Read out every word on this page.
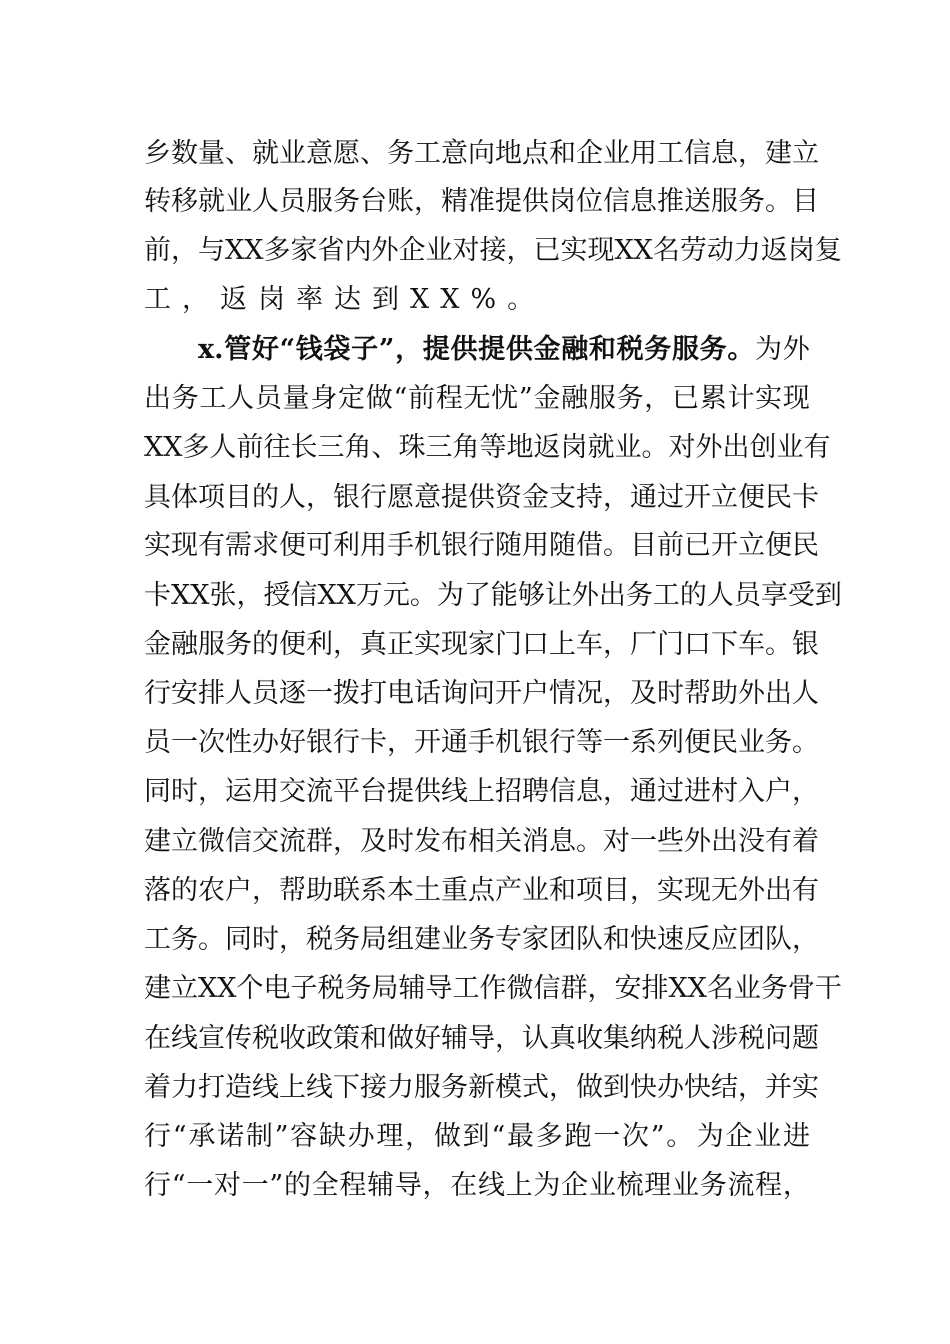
乡 数 量 、 就 业 意 愿 、 务 工 意 向 地 点 和 企 业 用 工 信 息 ， 建 立
转 移 就 业 人 员 服 务 台 账 ， 精 准 提 供 岗 位 信 息 推 送 服 务 。 目
前 ， 与 XX 多 家 省 内 外 企 业 对 接 ， 已 实 现 XX 名 劳 动 力 返 岗 复
工 ， 返 岗 率 达 到 XX% 。
x. 管 好 “ 钱 袋 子 ” ， 提 供 提 供 金 融 和 税 务 服 务 。 为 外
出 务 工 人 员 量 身 定 做 “ 前 程 无 忧 ” 金 融 服 务 ， 已 累 计 实 现
XX 多 人 前 往 长 三 角 、 珠 三 角 等 地 返 岗 就 业 。 对 外 出 创 业 有
具 体 项 目 的 人 ， 银 行 愿 意 提 供 资 金 支 持 ， 通 过 开 立 便 民 卡
实 现 有 需 求 便 可 利 用 手 机 银 行 随 用 随 借 。 目 前 已 开 立 便 民
卡 XX 张 ， 授 信 XX 万 元 。 为 了 能 够 让 外 出 务 工 的 人 员 享 受 到
金 融 服 务 的 便 利 ， 真 正 实 现 家 门 口 上 车 ， 厂 门 口 下 车 。 银
行 安 排 人 员 逐 一 拨 打 电 话 询 问 开 户 情 况 ， 及 时 帮 助 外 出 人
员 一 次 性 办 好 银 行 卡 ， 开 通 手 机 银 行 等 一 系 列 便 民 业 务 。
同 时 ， 运 用 交 流 平 台 提 供 线 上 招 聘 信 息 ， 通 过 进 村 入 户 ，
建 立 微 信 交 流 群 ， 及 时 发 布 相 关 消 息 。 对 一 些 外 出 没 有 着
落 的 农 户 ， 帮 助 联 系 本 土 重 点 产 业 和 项 目 ， 实 现 无 外 出 有
工 务 。 同 时 ， 税 务 局 组 建 业 务 专 家 团 队 和 快 速 反 应 团 队 ，
建 立 XX 个 电 子 税 务 局 辅 导 工 作 微 信 群 ， 安 排 XX 名 业 务 骨 干
在 线 宣 传 税 收 政 策 和 做 好 辅 导 ， 认 真 收 集 纳 税 人 涉 税 问 题
着 力 打 造 线 上 线 下 接 力 服 务 新 模 式 ， 做 到 快 办 快 结 ， 并 实
行 “ 承 诺 制 ” 容 缺 办 理 ， 做 到 “ 最 多 跑 一 次 ” 。 为 企 业 进
行 “ 一 对 一 ” 的 全 程 辅 导 ， 在 线 上 为 企 业 梳 理 业 务 流 程 ，
